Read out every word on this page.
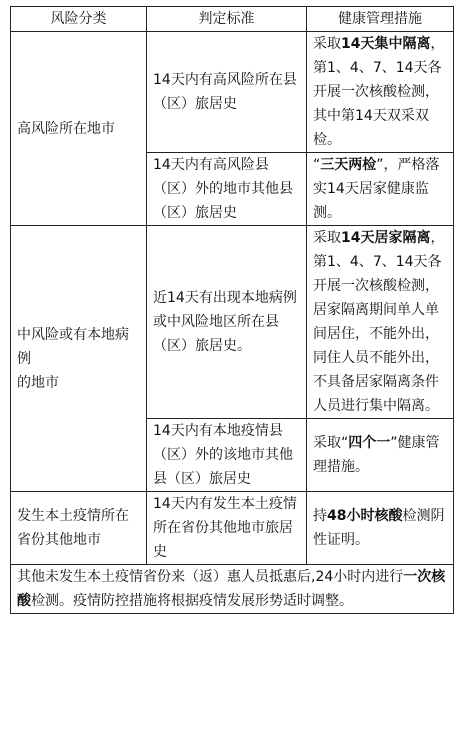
风险分类	判定标准	健康管理措施
高风险所在地市	14天内有高风险所在县（区）旅居史	采取14天集中隔离，第1、4、7、14天各开展一次核酸检测，其中第14天双采双检。
	14天内有高风险县（区）外的地市其他县（区）旅居史	“三天两检”，严格落实14天居家健康监测。
中风险或有本地病例
的地市	近14天有出现本地病例或中风险地区所在县（区）旅居史。	采取14天居家隔离，第1、4、7、14天各开展一次核酸检测，居家隔离期间单人单间居住，不能外出，同住人员不能外出，不具备居家隔离条件人员进行集中隔离。
	14天内有本地疫情县（区）外的该地市其他县（区）旅居史	采取“四个一”健康管理措施。
发生本土疫情所在
省份其他地市	14天内有发生本土疫情所在省份其他地市旅居史	持48小时核酸检测阴性证明。
其他未发生本土疫情省份来（返）惠人员抵惠后,24小时内进行一次核酸检测。疫情防控措施将根据疫情发展形势适时调整。		
